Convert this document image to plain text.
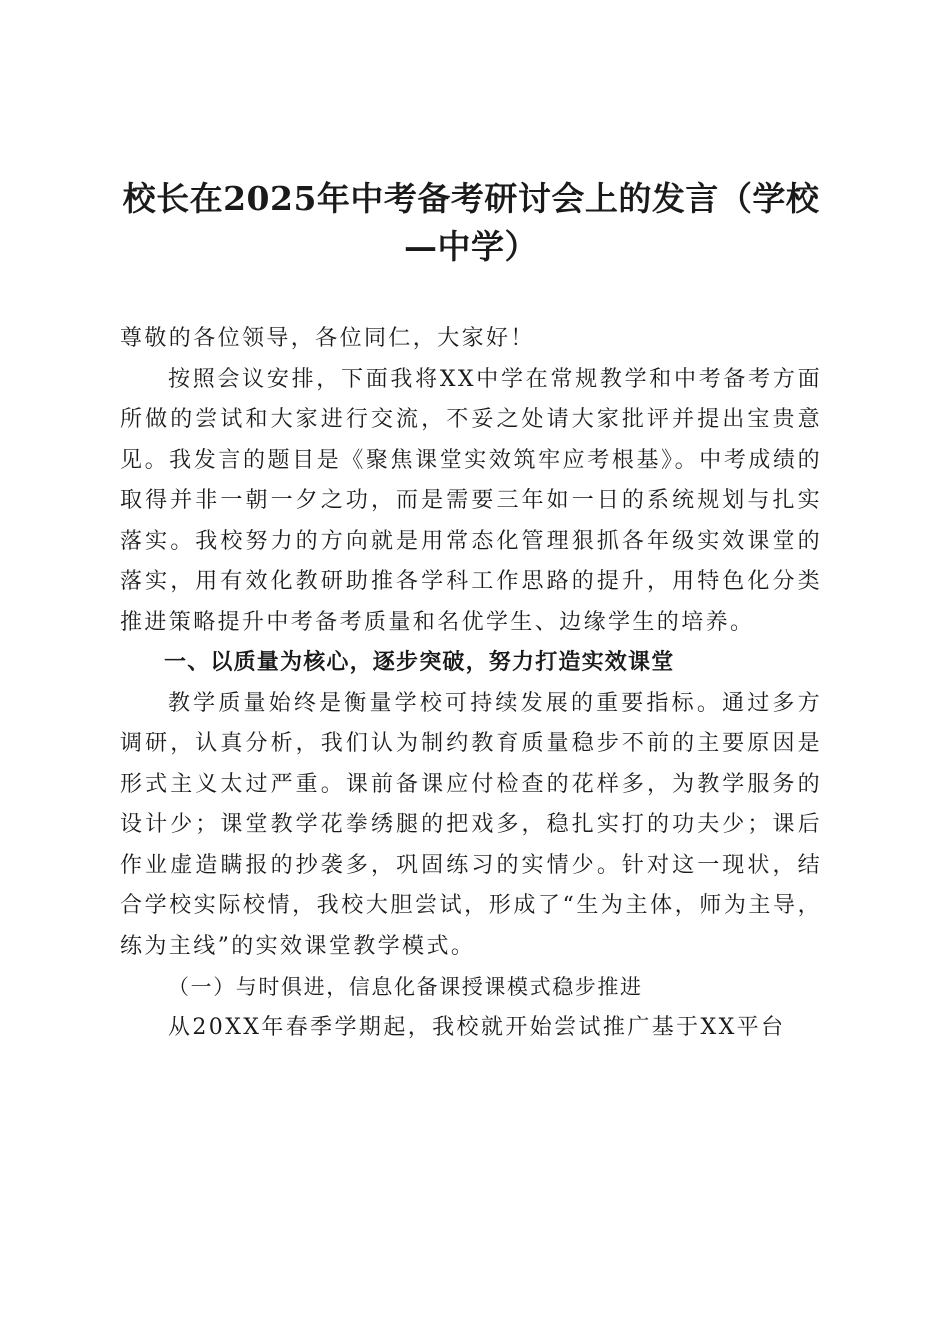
校长在2025年中考备考研讨会上的发言（学校—中学）

尊敬的各位领导，各位同仁，大家好！

按照会议安排，下面我将XX中学在常规教学和中考备考方面所做的尝试和大家进行交流，不妥之处请大家批评并提出宝贵意见。我发言的题目是《聚焦课堂实效筑牢应考根基》。中考成绩的取得并非一朝一夕之功，而是需要三年如一日的系统规划与扎实落实。我校努力的方向就是用常态化管理狠抓各年级实效课堂的落实，用有效化教研助推各学科工作思路的提升，用特色化分类推进策略提升中考备考质量和名优学生、边缘学生的培养。

一、以质量为核心，逐步突破，努力打造实效课堂

教学质量始终是衡量学校可持续发展的重要指标。通过多方调研，认真分析，我们认为制约教育质量稳步不前的主要原因是形式主义太过严重。课前备课应付检查的花样多，为教学服务的设计少；课堂教学花拳绣腿的把戏多，稳扎实打的功夫少；课后作业虚造瞒报的抄袭多，巩固练习的实情少。针对这一现状，结合学校实际校情，我校大胆尝试，形成了“生为主体，师为主导，练为主线”的实效课堂教学模式。

（一）与时俱进，信息化备课授课模式稳步推进

从20XX年春季学期起，我校就开始尝试推广基于XX平台
